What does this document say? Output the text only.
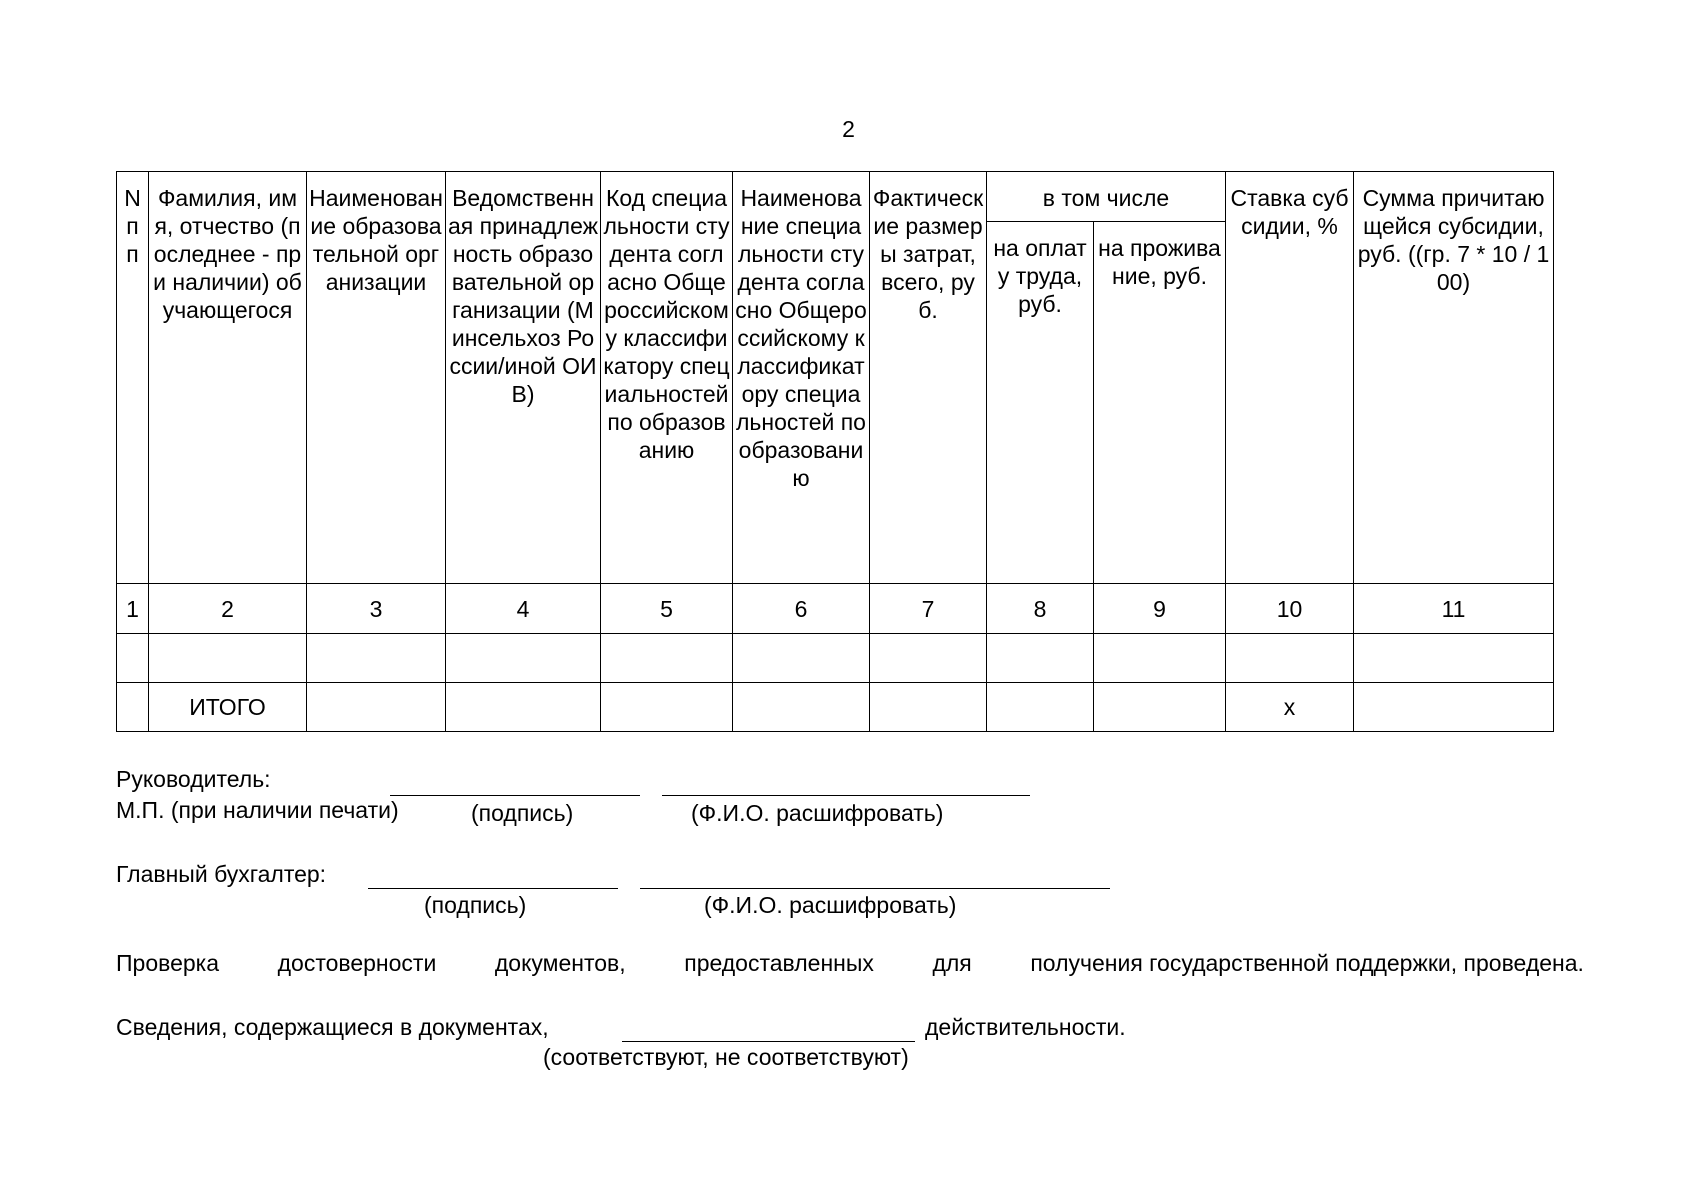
2
N п п	Фамилия, имя, отчество (последнее - при наличии) обучающегося	Наименование образовательной организации	Ведомственная принадлежность образовательной организации (Минсельхоз России/иной ОИВ)	Код специальности студента согласно Общероссийскому классификатору специальностей по образованию	Наименование специальности студента согласно Общероссийскому классификатору специальностей по образованию	Фактические размеры затрат, всего, руб.	в том числе		Ставка субсидии, %	Сумма причитающейся субсидии, руб. ((гр. 7 * 10 / 100)
							на оплату труда, руб.	на проживание, руб.		
1	2	3	4	5	6	7	8	9	10	11

	ИТОГО								х	
Руководитель:
М.П. (при наличии печати)	(подпись)	(Ф.И.О. расшифровать)
Главный бухгалтер:
(подпись)	(Ф.И.О. расшифровать)
Проверка	достоверности	документов,	предоставленных	для	получения государственной поддержки, проведена.
Сведения, содержащиеся в документах,	действительности.
(соответствуют, не соответствуют)
